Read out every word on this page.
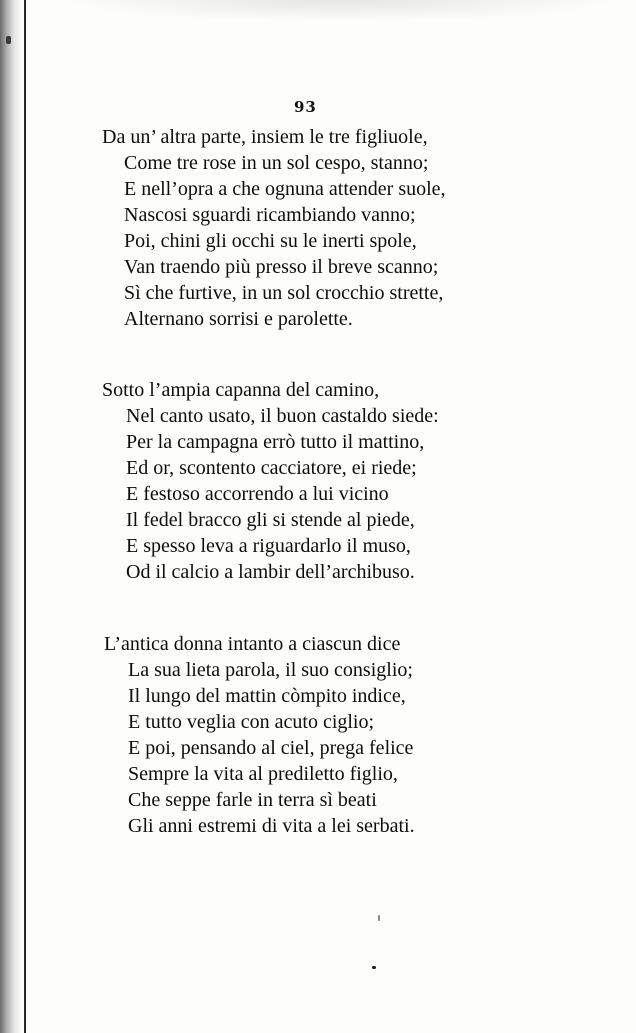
93
Da un’ altra parte, insiem le tre figliuole,
Come tre rose in un sol cespo, stanno;
E nell’opra a che ognuna attender suole,
Nascosi sguardi ricambiando vanno;
Poi, chini gli occhi su le inerti spole,
Van traendo più presso il breve scanno;
Sì che furtive, in un sol crocchio strette,
Alternano sorrisi e parolette.
Sotto l’ampia capanna del camino,
Nel canto usato, il buon castaldo siede:
Per la campagna errò tutto il mattino,
Ed or, scontento cacciatore, ei riede;
E festoso accorrendo a lui vicino
Il fedel bracco gli si stende al piede,
E spesso leva a riguardarlo il muso,
Od il calcio a lambir dell’archibuso.
L’antica donna intanto a ciascun dice
La sua lieta parola, il suo consiglio;
Il lungo del mattin còmpito indice,
E tutto veglia con acuto ciglio;
E poi, pensando al ciel, prega felice
Sempre la vita al prediletto figlio,
Che seppe farle in terra sì beati
Gli anni estremi di vita a lei serbati.
